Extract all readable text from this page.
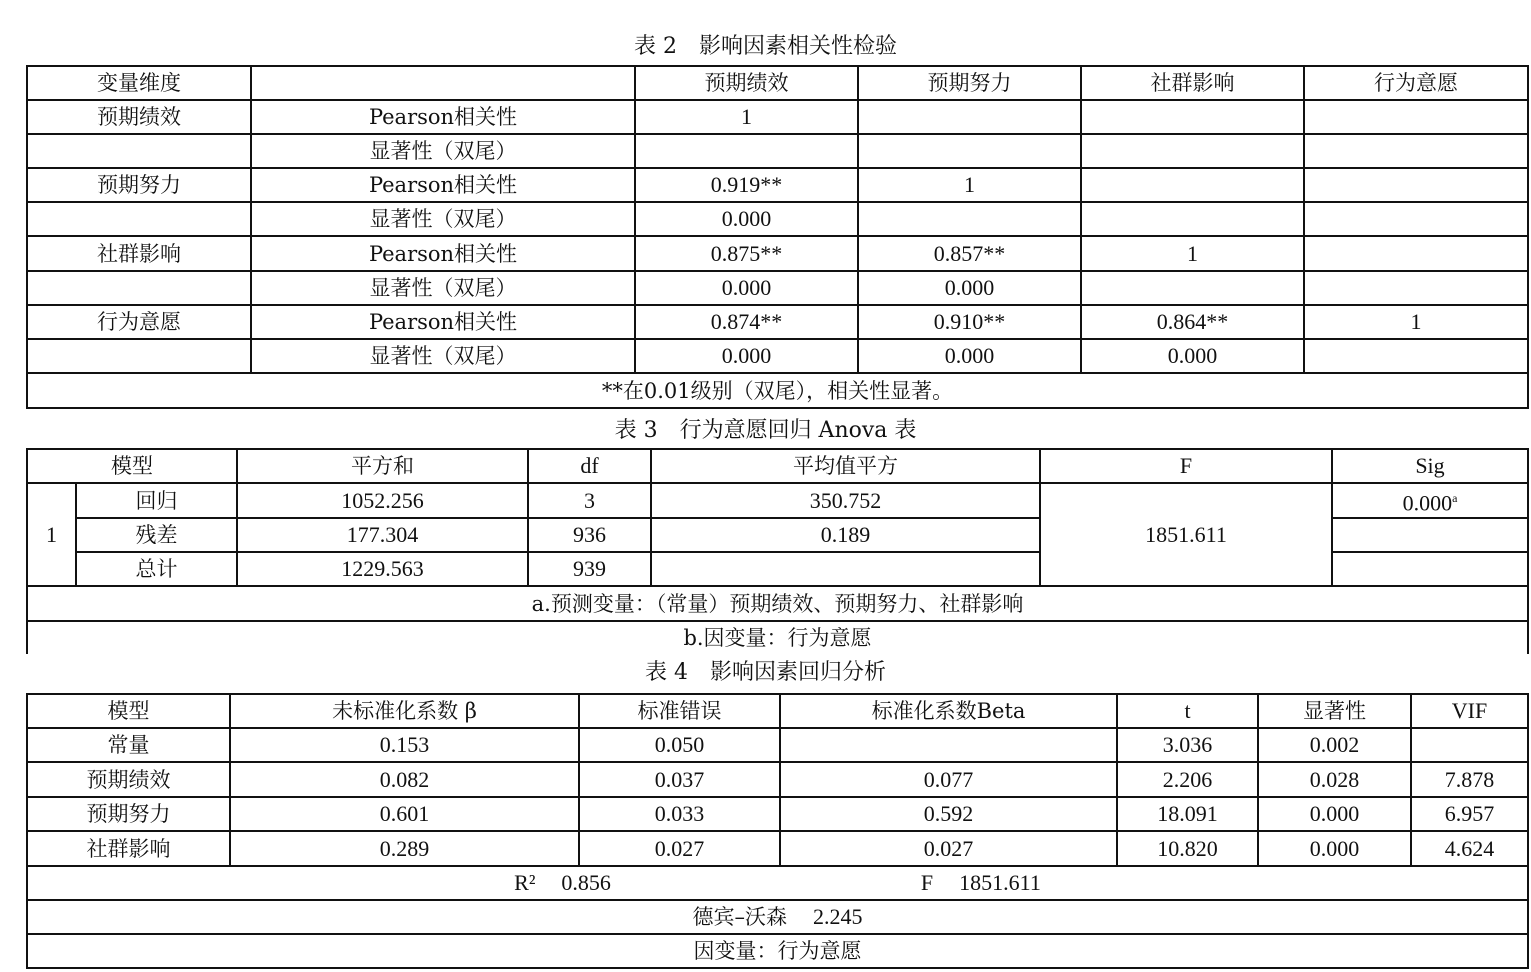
表 2　影响因素相关性检验
变量维度		预期绩效	预期努力	社群影响	行为意愿
预期绩效	Pearson相关性	1			
	显著性（双尾）				
预期努力	Pearson相关性	0.919**	1		
	显著性（双尾）	0.000			
社群影响	Pearson相关性	0.875**	0.857**	1	
	显著性（双尾）	0.000	0.000		
行为意愿	Pearson相关性	0.874**	0.910**	0.864**	1
	显著性（双尾）	0.000	0.000	0.000	
**在0.01级别（双尾），相关性显著。					
表 3　行为意愿回归 Anova 表
模型		平方和	df	平均值平方	F	Sig
1	回归	1052.256	3	350.752	1851.611	0.000$^a$
	残差	177.304	936	0.189		
	总计	1229.563	939			
a.预测变量：（常量）预期绩效、预期努力、社群影响						
b.因变量：行为意愿						
表 4　影响因素回归分析
模型	未标准化系数 β	标准错误	标准化系数Beta	t	显著性	VIF
常量	0.153	0.050		3.036	0.002	
预期绩效	0.082	0.037	0.077	2.206	0.028	7.878
预期努力	0.601	0.033	0.592	18.091	0.000	6.957
社群影响	0.289	0.027	0.027	10.820	0.000	4.624
R² 0.856 F 1851.611						
德宾–沃森 2.245						
因变量：行为意愿						
